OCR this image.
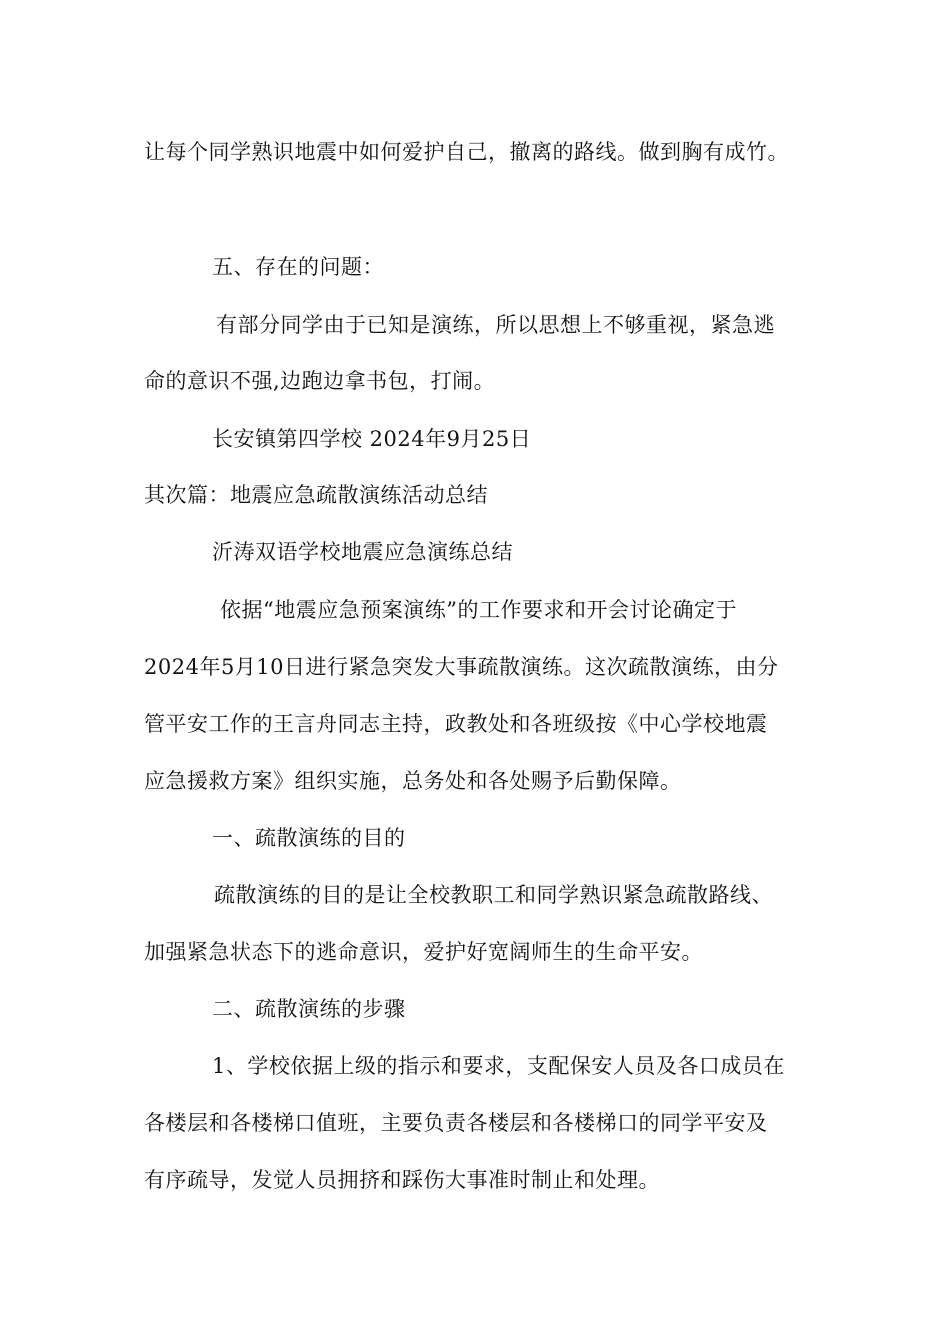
让每个同学熟识地震中如何爱护自己，撤离的路线。做到胸有成竹。

五、存在的问题：

有部分同学由于已知是演练，所以思想上不够重视，紧急逃

命的意识不强,边跑边拿书包，打闹。

长安镇第四学校 2024年9月25日

其次篇：地震应急疏散演练活动总结

沂涛双语学校地震应急演练总结

依据“地震应急预案演练”的工作要求和开会讨论确定于

2024年5月10日进行紧急突发大事疏散演练。这次疏散演练，由分

管平安工作的王言舟同志主持，政教处和各班级按《中心学校地震

应急援救方案》组织实施，总务处和各处赐予后勤保障。

一、疏散演练的目的

疏散演练的目的是让全校教职工和同学熟识紧急疏散路线、

加强紧急状态下的逃命意识，爱护好宽阔师生的生命平安。

二、疏散演练的步骤

1、学校依据上级的指示和要求，支配保安人员及各口成员在

各楼层和各楼梯口值班，主要负责各楼层和各楼梯口的同学平安及

有序疏导，发觉人员拥挤和踩伤大事准时制止和处理。
